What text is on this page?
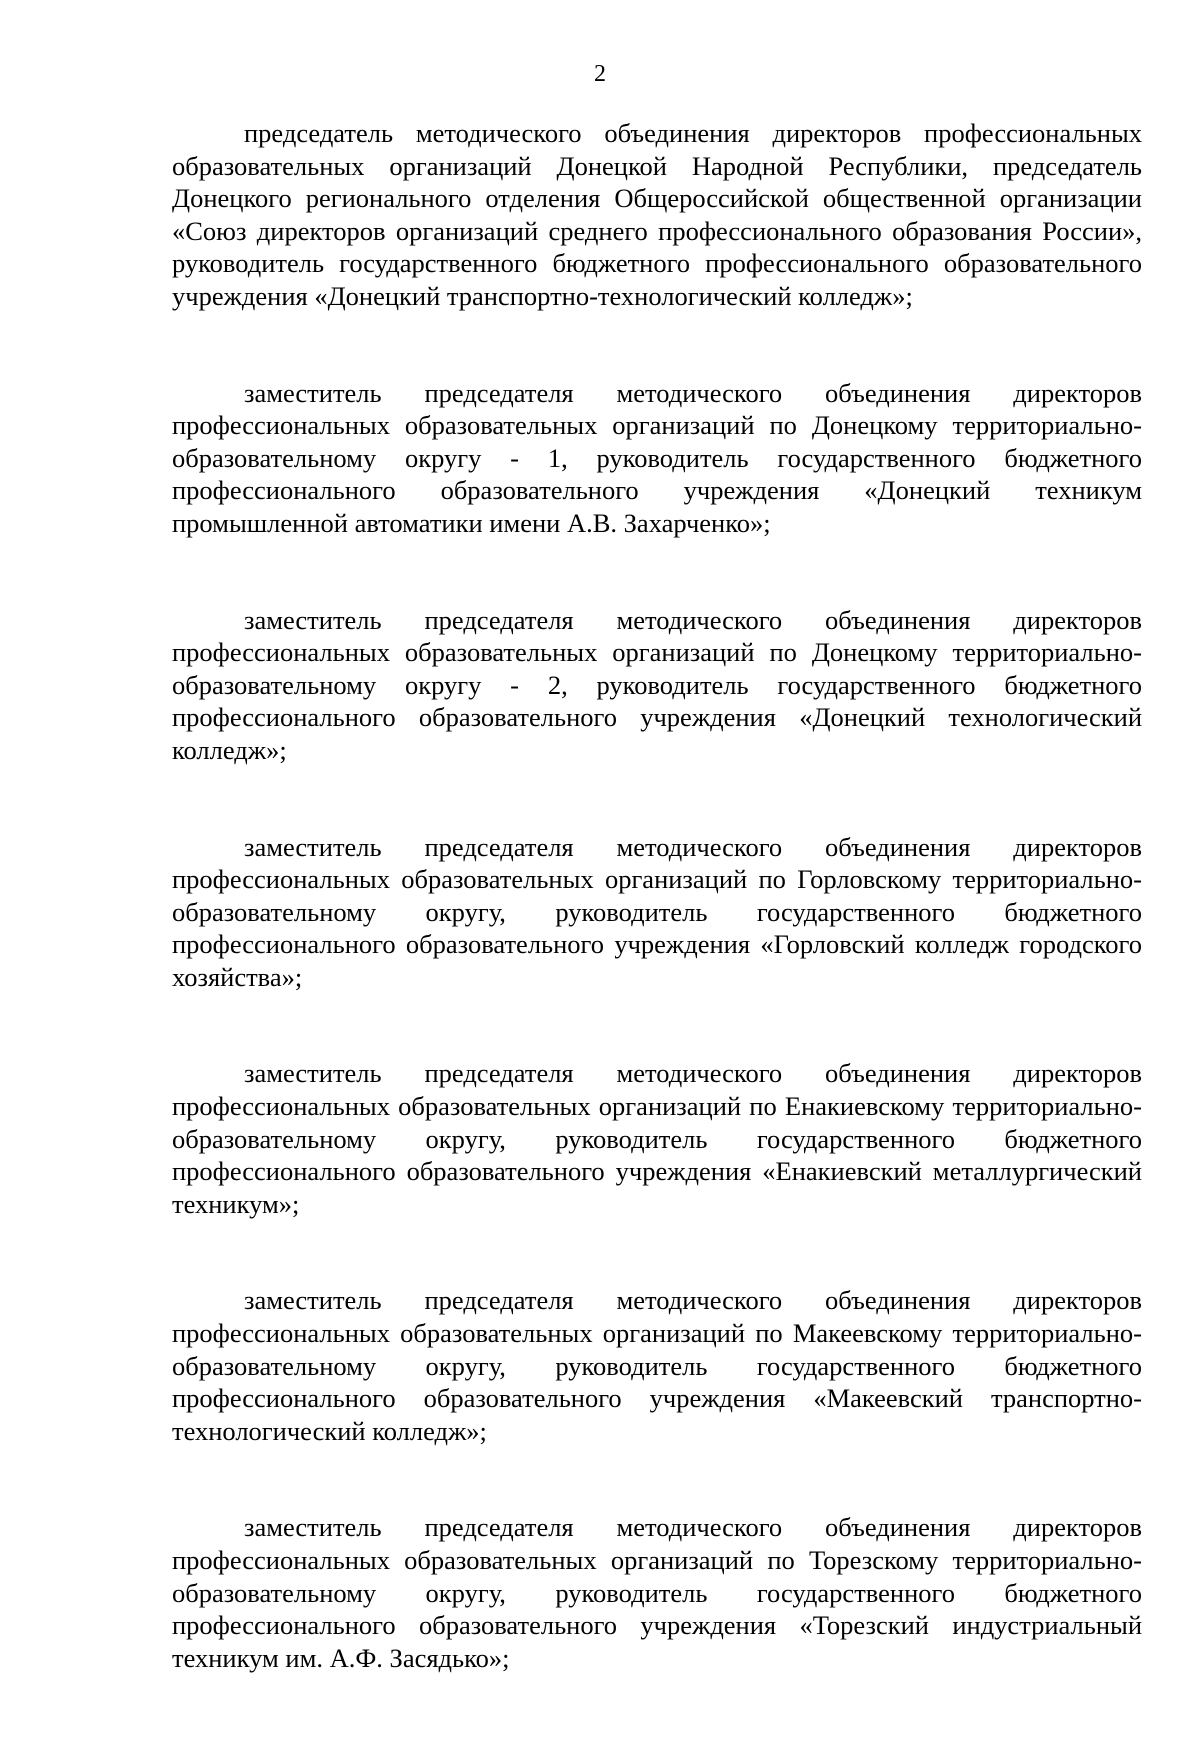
2

председатель методического объединения директоров профессиональных образовательных организаций Донецкой Народной Республики, председатель Донецкого регионального отделения Общероссийской общественной организации «Союз директоров организаций среднего профессионального образования России», руководитель государственного бюджетного профессионального образовательного учреждения «Донецкий транспортно-технологический колледж»;

заместитель председателя методического объединения директоров профессиональных образовательных организаций по Донецкому территориально-образовательному округу - 1, руководитель государственного бюджетного профессионального образовательного учреждения «Донецкий техникум промышленной автоматики имени А.В. Захарченко»;

заместитель председателя методического объединения директоров профессиональных образовательных организаций по Донецкому территориально-образовательному округу - 2, руководитель государственного бюджетного профессионального образовательного учреждения «Донецкий технологический колледж»;

заместитель председателя методического объединения директоров профессиональных образовательных организаций по Горловскому территориально-образовательному округу, руководитель государственного бюджетного профессионального образовательного учреждения «Горловский колледж городского хозяйства»;

заместитель председателя методического объединения директоров профессиональных образовательных организаций по Енакиевскому территориально-образовательному округу, руководитель государственного бюджетного профессионального образовательного учреждения «Енакиевский металлургический техникум»;

заместитель председателя методического объединения директоров профессиональных образовательных организаций по Макеевскому территориально-образовательному округу, руководитель государственного бюджетного профессионального образовательного учреждения «Макеевский транспортно-технологический колледж»;

заместитель председателя методического объединения директоров профессиональных образовательных организаций по Торезскому территориально-образовательному округу, руководитель государственного бюджетного профессионального образовательного учреждения «Торезский индустриальный техникум им. А.Ф. Засядько»;
